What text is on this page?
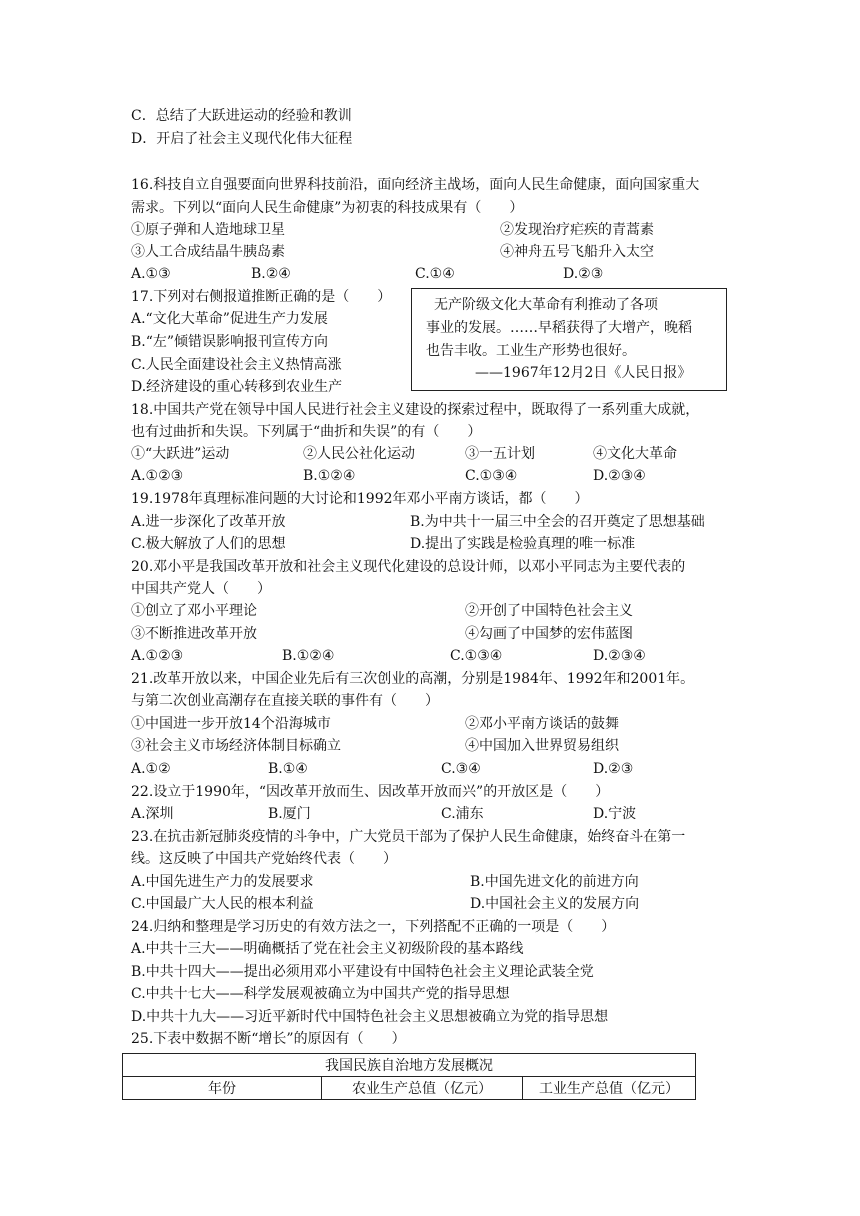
C．总结了大跃进运动的经验和教训
D．开启了社会主义现代化伟大征程
16.科技自立自强要面向世界科技前沿，面向经济主战场，面向人民生命健康，面向国家重大
需求。下列以“面向人民生命健康”为初衷的科技成果有（　　）
①原子弹和人造地球卫星	②发现治疗疟疾的青蒿素
③人工合成结晶牛胰岛素	④神舟五号飞船升入太空
A.①③	B.②④	C.①④	D.②③
17.下列对右侧报道推断正确的是（　　）
A.“文化大革命”促进生产力发展
B.“左”倾错误影响报刊宣传方向
C.人民全面建设社会主义热情高涨
D.经济建设的重心转移到农业生产
无产阶级文化大革命有利推动了各项
事业的发展。……早稻获得了大增产，晚稻
也告丰收。工业生产形势也很好。
——1967年12月2日《人民日报》
18.中国共产党在领导中国人民进行社会主义建设的探索过程中，既取得了一系列重大成就，
也有过曲折和失误。下列属于“曲折和失误”的有（　　）
①“大跃进”运动	②人民公社化运动	③一五计划	④文化大革命
A.①②③	B.①②④	C.①③④	D.②③④
19.1978年真理标准问题的大讨论和1992年邓小平南方谈话，都（　　）
A.进一步深化了改革开放	B.为中共十一届三中全会的召开奠定了思想基础
C.极大解放了人们的思想	D.提出了实践是检验真理的唯一标准
20.邓小平是我国改革开放和社会主义现代化建设的总设计师，以邓小平同志为主要代表的
中国共产党人（　　）
①创立了邓小平理论	②开创了中国特色社会主义
③不断推进改革开放	④勾画了中国梦的宏伟蓝图
A.①②③	B.①②④	C.①③④	D.②③④
21.改革开放以来，中国企业先后有三次创业的高潮，分别是1984年、1992年和2001年。
与第二次创业高潮存在直接关联的事件有（　　）
①中国进一步开放14个沿海城市	②邓小平南方谈话的鼓舞
③社会主义市场经济体制目标确立	④中国加入世界贸易组织
A.①②	B.①④	C.③④	D.②③
22.设立于1990年，“因改革开放而生、因改革开放而兴”的开放区是（　　）
A.深圳	B.厦门	C.浦东	D.宁波
23.在抗击新冠肺炎疫情的斗争中，广大党员干部为了保护人民生命健康，始终奋斗在第一
线。这反映了中国共产党始终代表（　　）
A.中国先进生产力的发展要求	B.中国先进文化的前进方向
C.中国最广大人民的根本利益	D.中国社会主义的发展方向
24.归纳和整理是学习历史的有效方法之一，下列搭配不正确的一项是（　　）
A.中共十三大——明确概括了党在社会主义初级阶段的基本路线
B.中共十四大——提出必须用邓小平建设有中国特色社会主义理论武装全党
C.中共十七大——科学发展观被确立为中国共产党的指导思想
D.中共十九大——习近平新时代中国特色社会主义思想被确立为党的指导思想
25.下表中数据不断“增长”的原因有（　　）
我国民族自治地方发展概况
年份	农业生产总值（亿元）	工业生产总值（亿元）
